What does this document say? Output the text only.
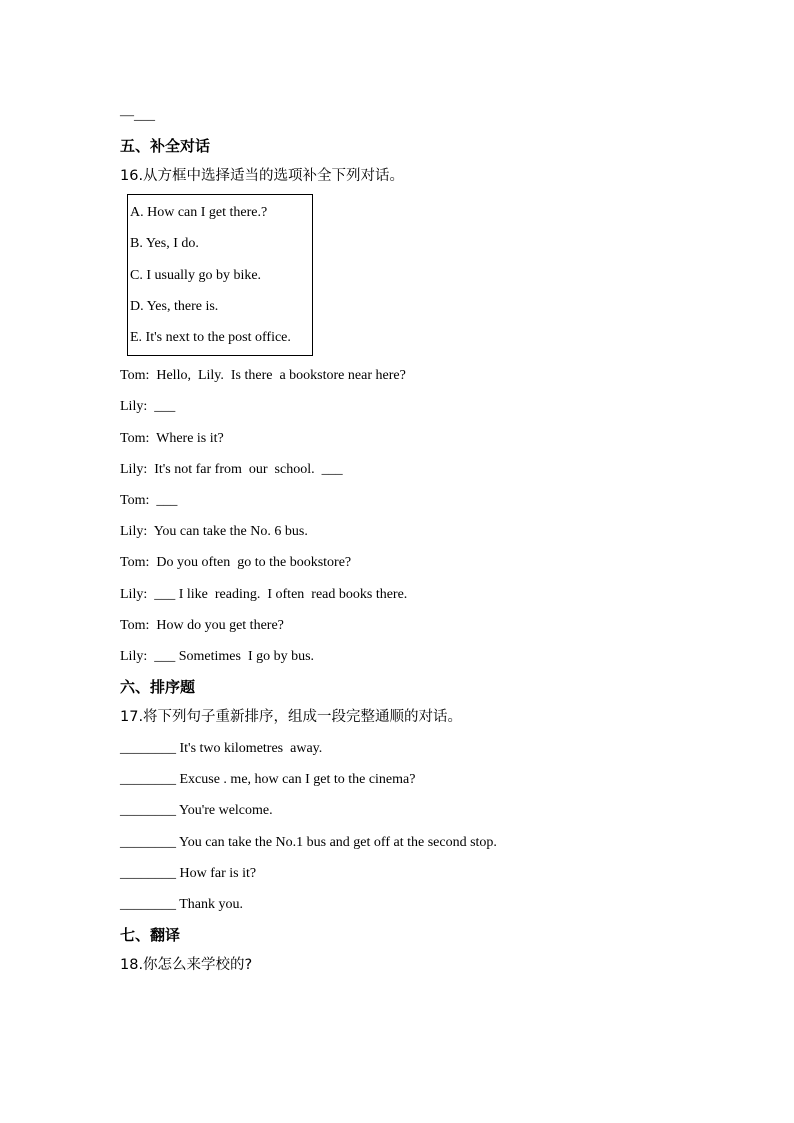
—___
五、补全对话
16.从方框中选择适当的选项补全下列对话。
A. How can I get there.?
B. Yes, I do.
C. I usually go by bike.
D. Yes, there is.
E. It's next to the post office.
Tom:  Hello,  Lily.  Is there  a bookstore near here?
Lily:  ___
Tom:  Where is it?
Lily:  It's not far from  our  school.  ___
Tom:  ___
Lily:  You can take the No. 6 bus.
Tom:  Do you often  go to the bookstore?
Lily:  ___ I like  reading.  I often  read books there.
Tom:  How do you get there?
Lily:  ___ Sometimes  I go by bus.
六、排序题
17.将下列句子重新排序，组成一段完整通顺的对话。
________ It's two kilometres  away.
________ Excuse . me, how can I get to the cinema?
________ You're welcome.
________ You can take the No.1 bus and get off at the second stop.
________ How far is it?
________ Thank you.
七、翻译
18.你怎么来学校的?
